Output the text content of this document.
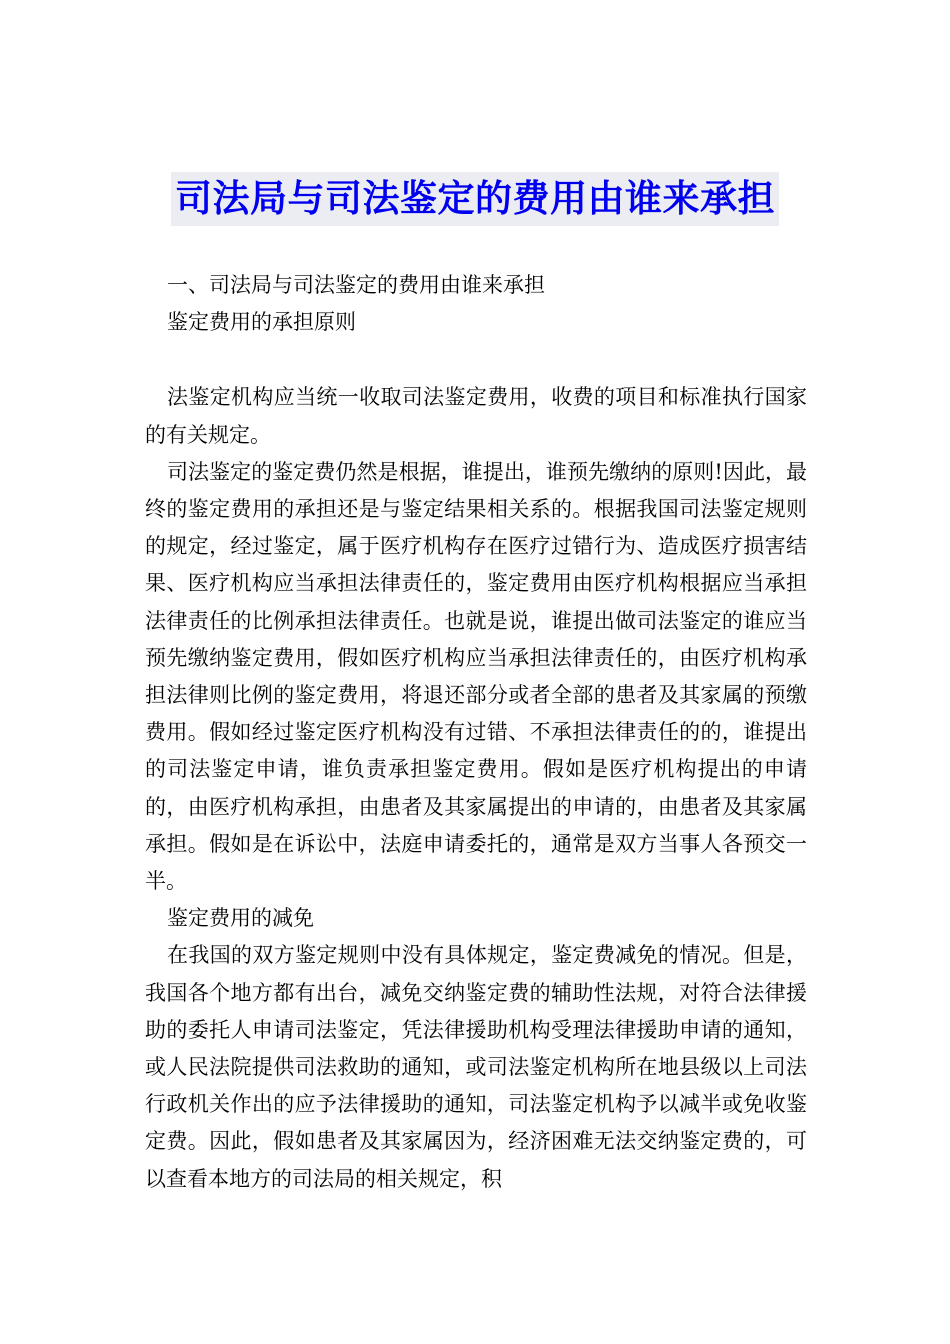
司法局与司法鉴定的费用由谁来承担

一、司法局与司法鉴定的费用由谁来承担

鉴定费用的承担原则

法鉴定机构应当统一收取司法鉴定费用，收费的项目和标准执行国家的有关规定。

司法鉴定的鉴定费仍然是根据，谁提出，谁预先缴纳的原则!因此，最终的鉴定费用的承担还是与鉴定结果相关系的。根据我国司法鉴定规则的规定，经过鉴定，属于医疗机构存在医疗过错行为、造成医疗损害结果、医疗机构应当承担法律责任的，鉴定费用由医疗机构根据应当承担法律责任的比例承担法律责任。也就是说，谁提出做司法鉴定的谁应当预先缴纳鉴定费用，假如医疗机构应当承担法律责任的，由医疗机构承担法律则比例的鉴定费用，将退还部分或者全部的患者及其家属的预缴费用。假如经过鉴定医疗机构没有过错、不承担法律责任的的，谁提出的司法鉴定申请，谁负责承担鉴定费用。假如是医疗机构提出的申请的，由医疗机构承担，由患者及其家属提出的申请的，由患者及其家属承担。假如是在诉讼中，法庭申请委托的，通常是双方当事人各预交一半。

鉴定费用的减免

在我国的双方鉴定规则中没有具体规定，鉴定费减免的情况。但是，我国各个地方都有出台，减免交纳鉴定费的辅助性法规，对符合法律援助的委托人申请司法鉴定，凭法律援助机构受理法律援助申请的通知，或人民法院提供司法救助的通知，或司法鉴定机构所在地县级以上司法行政机关作出的应予法律援助的通知，司法鉴定机构予以减半或免收鉴定费。因此，假如患者及其家属因为，经济困难无法交纳鉴定费的，可以查看本地方的司法局的相关规定，积
